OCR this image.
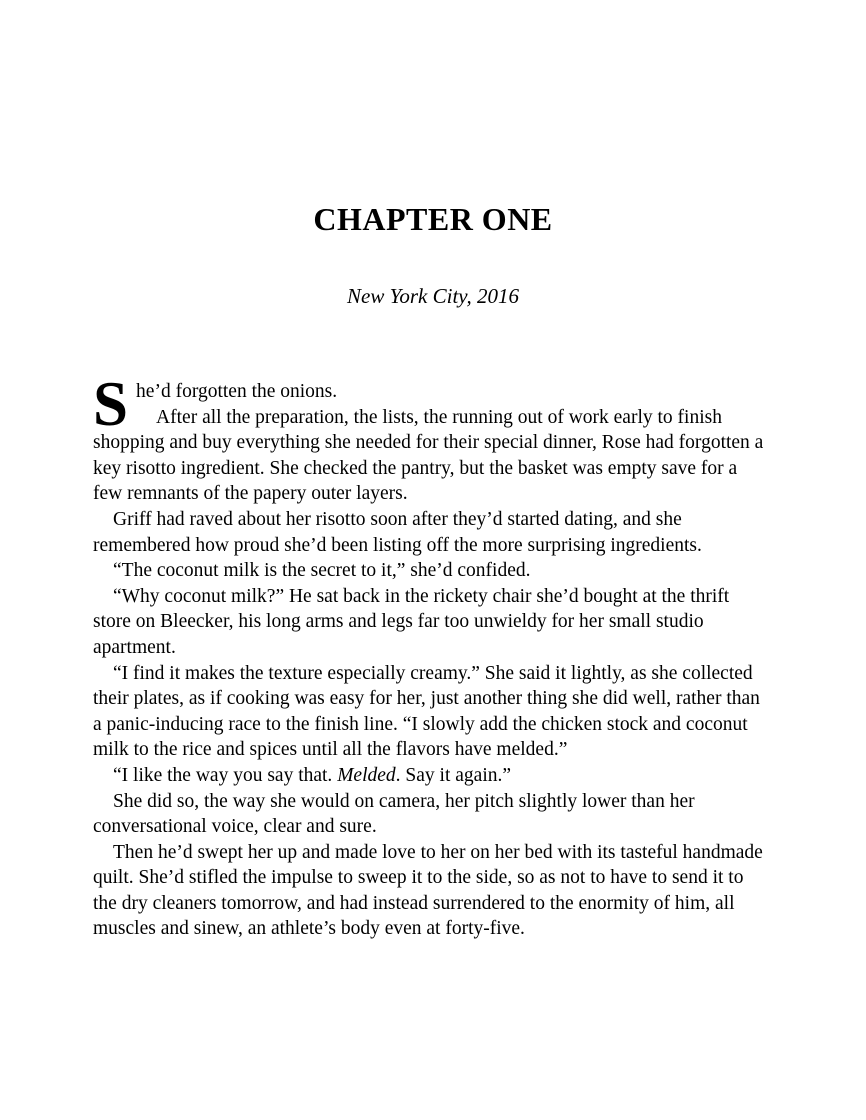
CHAPTER ONE
New York City, 2016

She’d forgotten the onions.

After all the preparation, the lists, the running out of work early to finish shopping and buy everything she needed for their special dinner, Rose had forgotten a key risotto ingredient. She checked the pantry, but the basket was empty save for a few remnants of the papery outer layers.

Griff had raved about her risotto soon after they’d started dating, and she remembered how proud she’d been listing off the more surprising ingredients.

“The coconut milk is the secret to it,” she’d confided.

“Why coconut milk?” He sat back in the rickety chair she’d bought at the thrift store on Bleecker, his long arms and legs far too unwieldy for her small studio apartment.

“I find it makes the texture especially creamy.” She said it lightly, as she collected their plates, as if cooking was easy for her, just another thing she did well, rather than a panic-inducing race to the finish line. “I slowly add the chicken stock and coconut milk to the rice and spices until all the flavors have melded.”

“I like the way you say that. Melded. Say it again.”

She did so, the way she would on camera, her pitch slightly lower than her conversational voice, clear and sure.

Then he’d swept her up and made love to her on her bed with its tasteful handmade quilt. She’d stifled the impulse to sweep it to the side, so as not to have to send it to the dry cleaners tomorrow, and had instead surrendered to the enormity of him, all muscles and sinew, an athlete’s body even at forty-five.
